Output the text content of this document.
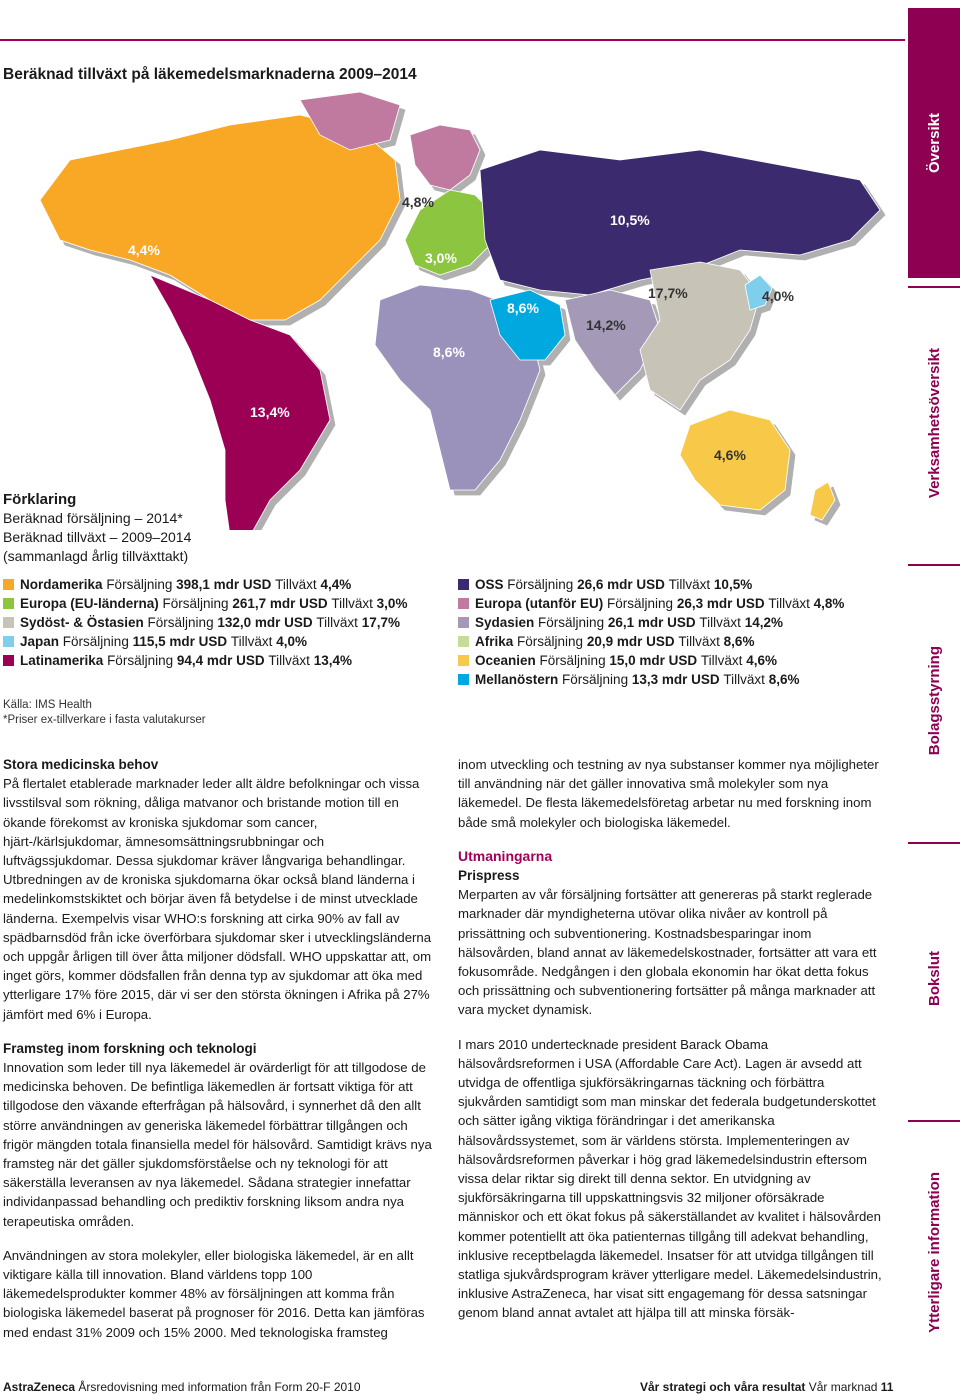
Beräknad tillväxt på läkemedelsmarknaderna 2009–2014
4,4%
13,4%
4,8%
3,0%
8,6%
8,6%
10,5%
14,2%
17,7%	4,0%
4,6%
Förklaring
Beräknad försäljning – 2014*
Beräknad tillväxt – 2009–2014
(sammanlagd årlig tillväxttakt)
Nordamerika
Försäljning
398,1 mdr USD
Tillväxt
4,4%
Europa (EU-länderna)
Försäljning
261,7 mdr USD
Tillväxt
3,0%
Sydöst- & Östasien
Försäljning
132,0 mdr USD
Tillväxt
17,7%
Japan
Försäljning
115,5 mdr USD
Tillväxt
4,0%
Latinamerika
Försäljning
94,4 mdr USD
Tillväxt
13,4%
OSS
Försäljning
26,6 mdr USD
Tillväxt
10,5%
Europa (utanför EU)
Försäljning
26,3 mdr USD
Tillväxt
4,8%
Sydasien
Försäljning
26,1 mdr USD
Tillväxt
14,2%
Afrika
Försäljning
20,9 mdr USD
Tillväxt
8,6%
Oceanien
Försäljning
15,0 mdr USD
Tillväxt
4,6%
Mellanöstern
Försäljning
13,3 mdr USD
Tillväxt
8,6%
Källa: IMS Health
*Priser ex-tillverkare i fasta valutakurser
Stora medicinska behov

På flertalet etablerade marknader leder allt äldre befolkningar och vissa livsstilsval som rökning, dåliga matvanor och bristande motion till en ökande förekomst av kroniska sjukdomar som cancer, hjärt-/kärlsjukdomar, ämnesomsättningsrubbningar och luftvägssjukdomar. Dessa sjukdomar kräver långvariga behandlingar. Utbredningen av de kroniska sjukdomarna ökar också bland länderna i medelinkomstskiktet och börjar även få betydelse i de minst utvecklade länderna. Exempelvis visar WHO:s forskning att cirka 90% av fall av spädbarnsdöd från icke överförbara sjukdomar sker i utvecklingsländerna och uppgår årligen till över åtta miljoner dödsfall. WHO uppskattar att, om inget görs, kommer dödsfallen från denna typ av sjukdomar att öka med ytterligare 17% före 2015, där vi ser den största ökningen i Afrika på 27% jämfört med 6% i Europa.

Framsteg inom forskning och teknologi

Innovation som leder till nya läkemedel är ovärderligt för att tillgodose de medicinska behoven. De befintliga läkemedlen är fortsatt viktiga för att tillgodose den växande efterfrågan på hälsovård, i synnerhet då den allt större användningen av generiska läkemedel förbättrar tillgången och frigör mängden totala finansiella medel för hälsovård. Samtidigt krävs nya framsteg när det gäller sjukdomsförståelse och ny teknologi för att säkerställa leveransen av nya läkemedel. Sådana strategier innefattar individanpassad behandling och prediktiv forskning liksom andra nya terapeutiska områden.

Användningen av stora molekyler, eller biologiska läkemedel, är en allt viktigare källa till innovation. Bland världens topp 100 läkemedelsprodukter kommer 48% av försäljningen att komma från biologiska läkemedel baserat på prognoser för 2016. Detta kan jämföras med endast 31% 2009 och 15% 2000. Med teknologiska framsteg

inom utveckling och testning av nya substanser kommer nya möjligheter till användning när det gäller innovativa små molekyler som nya läkemedel. De flesta läkemedelsföretag arbetar nu med forskning inom både små molekyler och biologiska läkemedel.

Utmaningarna
Prispress

Merparten av vår försäljning fortsätter att genereras på starkt reglerade marknader där myndigheterna utövar olika nivåer av kontroll på prissättning och subventionering. Kostnadsbesparingar inom hälsovården, bland annat av läkemedelskostnader, fortsätter att vara ett fokusområde. Nedgången i den globala ekonomin har ökat detta fokus och prissättning och subventionering fortsätter på många marknader att vara mycket dynamisk.

I mars 2010 undertecknade president Barack Obama hälsovårdsreformen i USA (Affordable Care Act). Lagen är avsedd att utvidga de offentliga sjukförsäkringarnas täckning och förbättra sjukvården samtidigt som man minskar det federala budgetunderskottet och sätter igång viktiga förändringar i det amerikanska hälsovårdssystemet, som är världens största. Implementeringen av hälsovårdsreformen påverkar i hög grad läkemedelsindustrin eftersom vissa delar riktar sig direkt till denna sektor. En utvidgning av sjukförsäkringarna till uppskattningsvis 32 miljoner oförsäkrade människor och ett ökat fokus på säkerställandet av kvalitet i hälsovården kommer potentiellt att öka patienternas tillgång till adekvat behandling, inklusive receptbelagda läkemedel. Insatser för att utvidga tillgången till statliga sjukvårdsprogram kräver ytterligare medel. Läkemedelsindustrin, inklusive AstraZeneca, har visat sitt engagemang för dessa satsningar genom bland annat avtalet att hjälpa till att minska försäk-

AstraZeneca Årsredovisning med information från Form 20-F 2010	Vår strategi och våra resultat Vår marknad 11
Översikt
Verksamhetsöversikt
Bolagsstyrning
Bokslut
Ytterligare information
